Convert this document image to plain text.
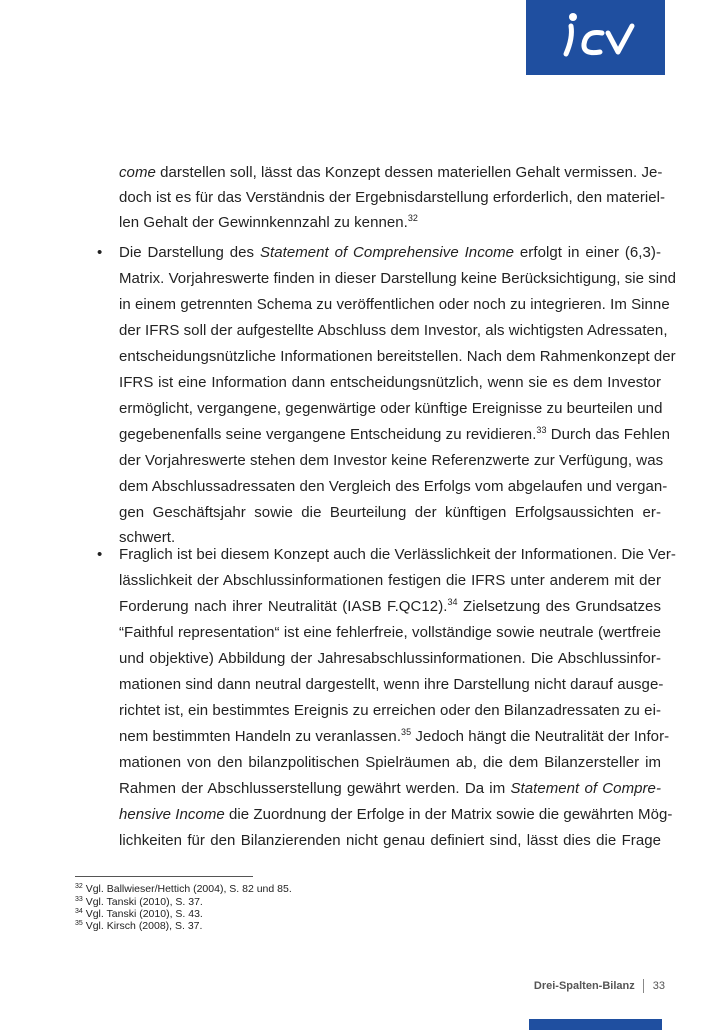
come darstellen soll, lässt das Konzept dessen materiellen Gehalt vermissen. Je-
doch ist es für das Verständnis der Ergebnisdarstellung erforderlich, den materiel-
len Gehalt der Gewinnkennzahl zu kennen.$^{32}$
Die Darstellung des Statement of Comprehensive Income erfolgt in einer (6,3)-
Matrix. Vorjahreswerte finden in dieser Darstellung keine Berücksichtigung, sie sind
in einem getrennten Schema zu veröffentlichen oder noch zu integrieren. Im Sinne
der IFRS soll der aufgestellte Abschluss dem Investor, als wichtigsten Adressaten,
entscheidungsnützliche Informationen bereitstellen. Nach dem Rahmenkonzept der
IFRS ist eine Information dann entscheidungsnützlich, wenn sie es dem Investor
ermöglicht, vergangene, gegenwärtige oder künftige Ereignisse zu beurteilen und
gegebenenfalls seine vergangene Entscheidung zu revidieren.$^{33}$ Durch das Fehlen
der Vorjahreswerte stehen dem Investor keine Referenzwerte zur Verfügung, was
dem Abschlussadressaten den Vergleich des Erfolgs vom abgelaufen und vergan-
gen Geschäftsjahr sowie die Beurteilung der künftigen Erfolgsaussichten er-
schwert.
Fraglich ist bei diesem Konzept auch die Verlässlichkeit der Informationen. Die Ver-
lässlichkeit der Abschlussinformationen festigen die IFRS unter anderem mit der
Forderung nach ihrer Neutralität (IASB F.QC12).$^{34}$ Zielsetzung des Grundsatzes
“Faithful representation“ ist eine fehlerfreie, vollständige sowie neutrale (wertfreie
und objektive) Abbildung der Jahresabschlussinformationen. Die Abschlussinfor-
mationen sind dann neutral dargestellt, wenn ihre Darstellung nicht darauf ausge-
richtet ist, ein bestimmtes Ereignis zu erreichen oder den Bilanzadressaten zu ei-
nem bestimmten Handeln zu veranlassen.$^{35}$ Jedoch hängt die Neutralität der Infor-
mationen von den bilanzpolitischen Spielräumen ab, die dem Bilanzersteller im
Rahmen der Abschlusserstellung gewährt werden. Da im Statement of Compre-
hensive Income die Zuordnung der Erfolge in der Matrix sowie die gewährten Mög-
lichkeiten für den Bilanzierenden nicht genau definiert sind, lässt dies die Frage
•
•
$^{32}$ Vgl. Ballwieser/Hettich (2004), S. 82 und 85.
$^{33}$ Vgl. Tanski (2010), S. 37.
$^{34}$ Vgl. Tanski (2010), S. 43.
$^{35}$ Vgl. Kirsch (2008), S. 37.
Drei-Spalten-Bilanz 33
